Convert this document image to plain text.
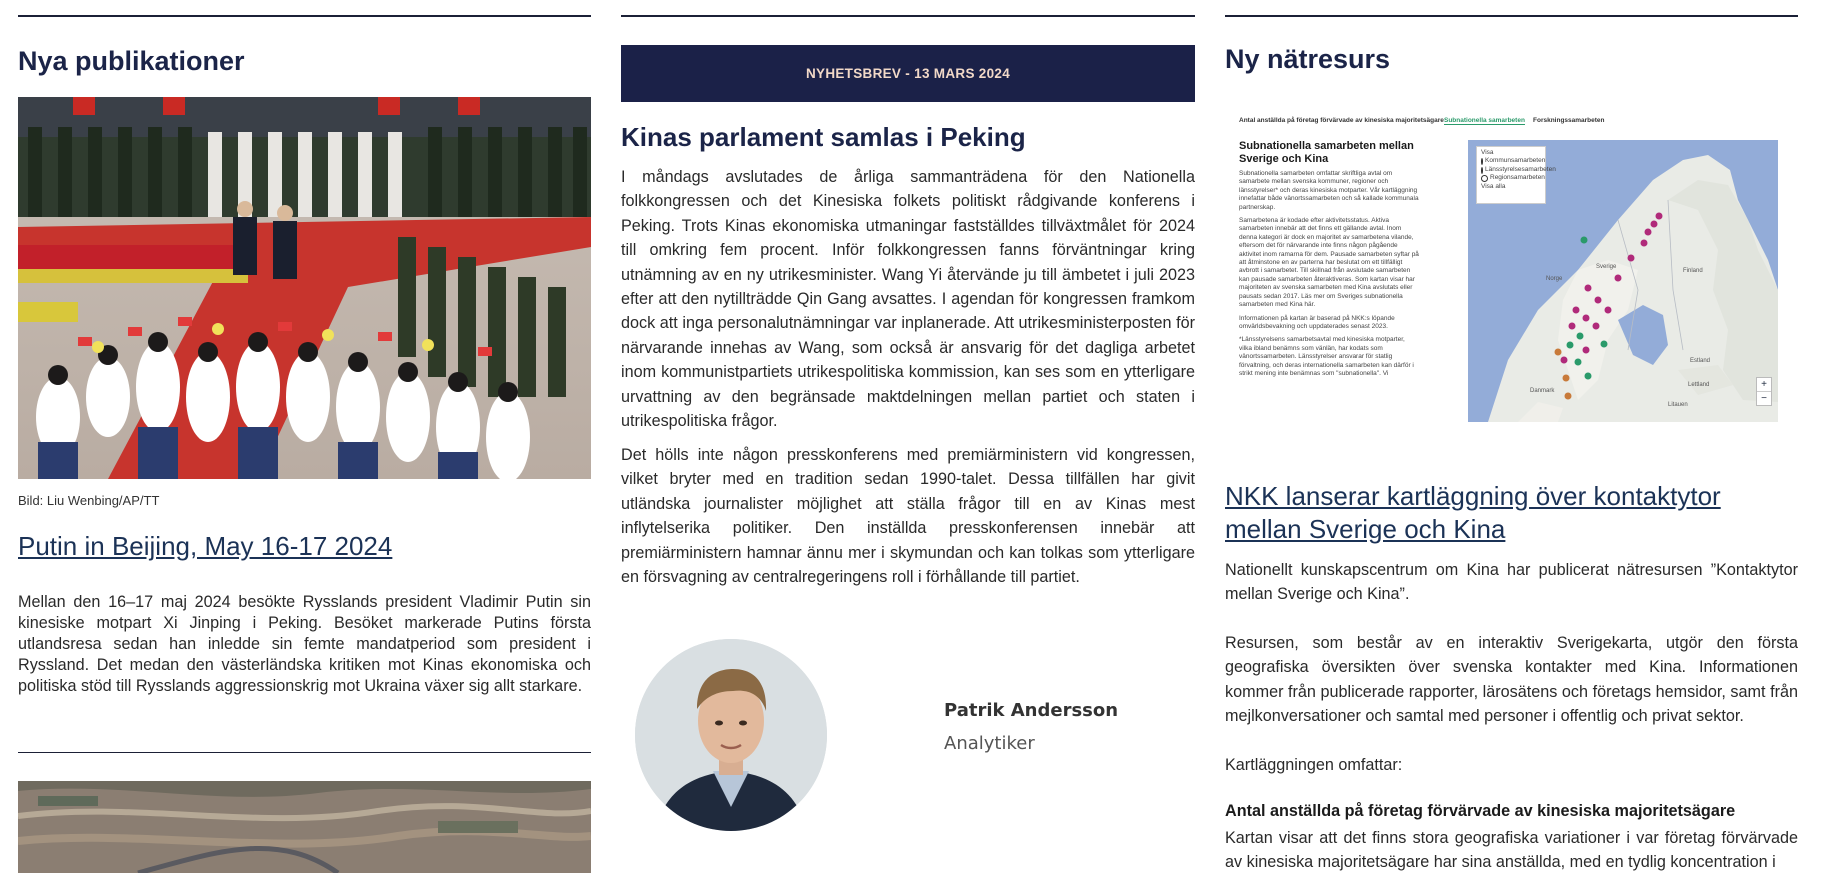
Nya publikationer

Bild: Liu Wenbing/AP/TT

Putin in Beijing, May 16-17 2024

Mellan den 16–17 maj 2024 besökte Rysslands president Vladimir Putin sin kinesiske motpart Xi Jinping i Peking. Besöket markerade Putins första utlandsresa sedan han inledde sin femte mandatperiod som president i Ryssland. Det medan den västerländska kritiken mot Kinas ekonomiska och politiska stöd till Rysslands aggressionskrig mot Ukraina växer sig allt starkare.

NYHETSBREV - 13 MARS 2024
Kinas parlament samlas i Peking

I måndags avslutades de årliga sammanträdena för den Nationella folkkongressen och det Kinesiska folkets politiskt rådgivande konferens i Peking. Trots Kinas ekonomiska utmaningar fastställdes tillväxtmålet för 2024 till omkring fem procent. Inför folkkongressen fanns förväntningar kring utnämning av en ny utrikesminister. Wang Yi återvände ju till ämbetet i juli 2023 efter att den nytillträdde Qin Gang avsattes. I agendan för kongressen framkom dock att inga personalutnämningar var inplanerade. Att utrikesministerposten för närvarande innehas av Wang, som också är ansvarig för det dagliga arbetet inom kommunistpartiets utrikespolitiska kommission, kan ses som en ytterligare urvattning av den begränsade maktdelningen mellan partiet och staten i utrikespolitiska frågor.

Det hölls inte någon presskonferens med premiärministern vid kongressen, vilket bryter med en tradition sedan 1990-talet. Dessa tillfällen har givit utländska journalister möjlighet att ställa frågor till en av Kinas mest inflytelserika politiker. Den inställda presskonferensen innebär att premiärministern hamnar ännu mer i skymundan och kan tolkas som ytterligare en försvagning av centralregeringens roll i förhållande till partiet.

Patrik Andersson

Analytiker

Ny nätresurs
Antal anställda på företag förvärvade av kinesiska majoritetsägare Subnationella samarbeten Forskningssamarbeten

Subnationella samarbeten mellan Sverige och Kina

Subnationella samarbeten omfattar skriftliga avtal om samarbete mellan svenska kommuner, regioner och länsstyrelser* och deras kinesiska motparter. Vår kartläggning innefattar både vänortssamarbeten och så kallade kommunala partnerskap.

Samarbetena är kodade efter aktivitetsstatus. Aktiva samarbeten innebär att det finns ett gällande avtal. Inom denna kategori är dock en majoritet av samarbetena vilande, eftersom det för närvarande inte finns någon pågående aktivitet inom ramarna för dem. Pausade samarbeten syftar på att åtminstone en av parterna har beslutat om ett tillfälligt avbrott i samarbetet. Till skillnad från avslutade samarbeten kan pausade samarbeten återaktiveras. Som kartan visar har majoriteten av svenska samarbeten med Kina avslutats eller pausats sedan 2017. Läs mer om Sveriges subnationella samarbeten med Kina här.

Informationen på kartan är baserad på NKK:s löpande omvärldsbevakning och uppdaterades senast 2023.

*Länsstyrelsens samarbetsavtal med kinesiska motparter, vilka ibland benämns som vänlän, har kodats som vänortssamarbeten. Länsstyrelser ansvarar för statlig förvaltning, och deras internationella samarbeten kan därför i strikt mening inte benämnas som "subnationella". Vi

Norge
Sverige
Finland
Estland
Lettland
Litauen
Danmark

Visa

Kommunsamarbeten
Länsstyrelsesamarbeten
Regionsamarbeten

Visa alla

+
−
NKK lanserar kartläggning över kontaktytor mellan Sverige och Kina

Nationellt kunskapscentrum om Kina har publicerat nätresursen ”Kontaktytor mellan Sverige och Kina”.

Resursen, som består av en interaktiv Sverigekarta, utgör den första geografiska översikten över svenska kontakter med Kina. Informationen kommer från publicerade rapporter, lärosätens och företags hemsidor, samt från mejlkonversationer och samtal med personer i offentlig och privat sektor.

Kartläggningen omfattar:

Antal anställda på företag förvärvade av kinesiska majoritetsägare

Kartan visar att det finns stora geografiska variationer i var företag förvärvade av kinesiska majoritetsägare har sina anställda, med en tydlig koncentration i
